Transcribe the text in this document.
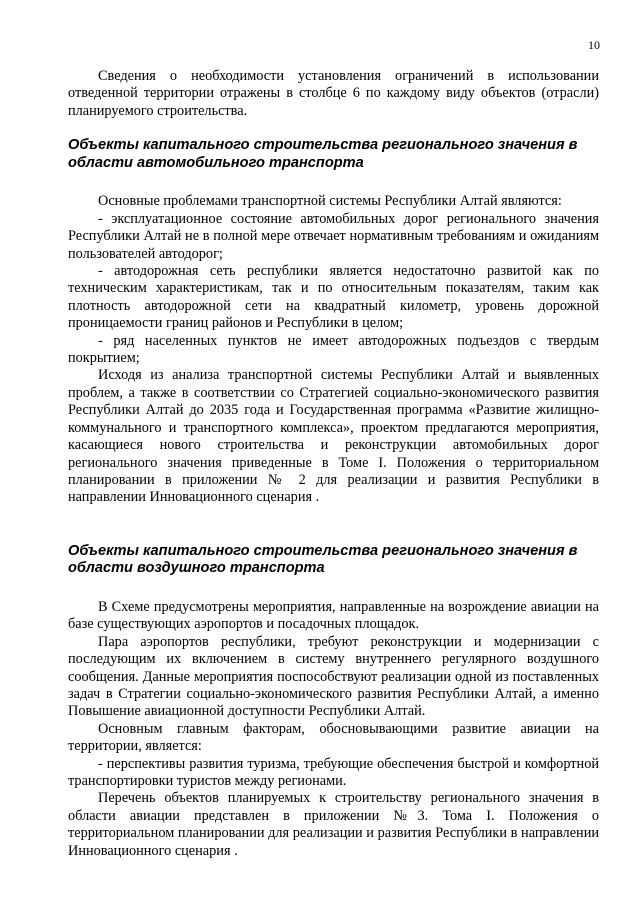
10

Сведения о необходимости установления ограничений в использовании отведенной территории отражены в столбце 6 по каждому виду объектов (отрасли) планируемого строительства.

Объекты капитального строительства регионального значения в области автомобильного транспорта

Основные проблемами транспортной системы Республики Алтай являются:

- эксплуатационное состояние автомобильных дорог регионального значения Республики Алтай не в полной мере отвечает нормативным требованиям и ожиданиям пользователей автодорог;

- автодорожная сеть республики является недостаточно развитой как по техническим характеристикам, так и по относительным показателям, таким как плотность автодорожной сети на квадратный километр, уровень дорожной проницаемости границ районов и Республики в целом;

- ряд населенных пунктов не имеет автодорожных подъездов с твердым покрытием;

Исходя из анализа транспортной системы Республики Алтай и выявленных проблем, а также в соответствии со Стратегией социально-экономического развития Республики Алтай до 2035 года и Государственная программа «Развитие жилищно-коммунального и транспортного комплекса», проектом предлагаются мероприятия, касающиеся нового строительства и реконструкции автомобильных дорог регионального значения приведенные в Томе I. Положения о территориальном планировании в приложении № 2 для реализации и развития Республики в направлении Инновационного сценария .

Объекты капитального строительства регионального значения в области воздушного транспорта

В Схеме предусмотрены мероприятия, направленные на возрождение авиации на базе существующих аэропортов и посадочных площадок.

Пара аэропортов республики, требуют реконструкции и модернизации с последующим их включением в систему внутреннего регулярного воздушного сообщения. Данные мероприятия поспособствуют реализации одной из поставленных задач в Стратегии социально-экономического развития Республики Алтай, а именно Повышение авиационной доступности Республики Алтай.

Основным главным факторам, обосновывающими развитие авиации на территории, является:

- перспективы развития туризма, требующие обеспечения быстрой и комфортной транспортировки туристов между регионами.

Перечень объектов планируемых к строительству регионального значения в области авиации представлен в приложении №3. Тома I. Положения о территориальном планировании для реализации и развития Республики в направлении Инновационного сценария .
